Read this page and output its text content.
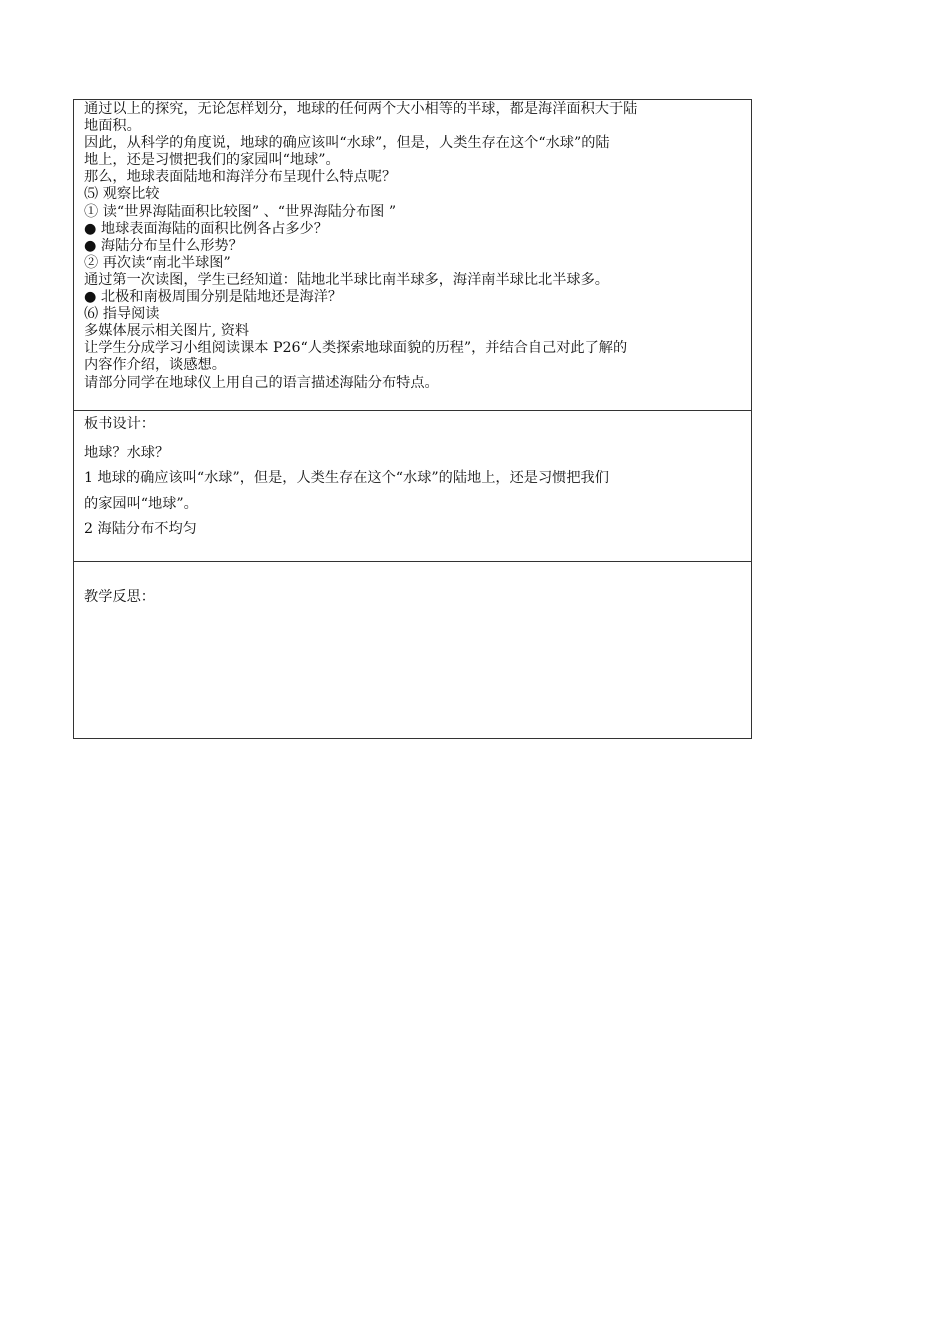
通过以上的探究，无论怎样划分，地球的任何两个大小相等的半球，都是海洋面积大于陆
地面积。
因此，从科学的角度说，地球的确应该叫“水球”，但是，人类生存在这个“水球”的陆
地上，还是习惯把我们的家园叫“地球”。
那么，地球表面陆地和海洋分布呈现什么特点呢？
⑸ 观察比较
① 读“世界海陆面积比较图” 、“世界海陆分布图 ”
● 地球表面海陆的面积比例各占多少？
● 海陆分布呈什么形势？
② 再次读“南北半球图”
通过第一次读图，学生已经知道：陆地北半球比南半球多，海洋南半球比北半球多。
● 北极和南极周围分别是陆地还是海洋？
⑹ 指导阅读
多媒体展示相关图片, 资料
让学生分成学习小组阅读课本 P26“人类探索地球面貌的历程”，并结合自己对此了解的
内容作介绍，谈感想。
请部分同学在地球仪上用自己的语言描述海陆分布特点。
板书设计：
地球？水球？
1 地球的确应该叫“水球”，但是，人类生存在这个“水球”的陆地上，还是习惯把我们
的家园叫“地球”。
2 海陆分布不均匀
教学反思：
